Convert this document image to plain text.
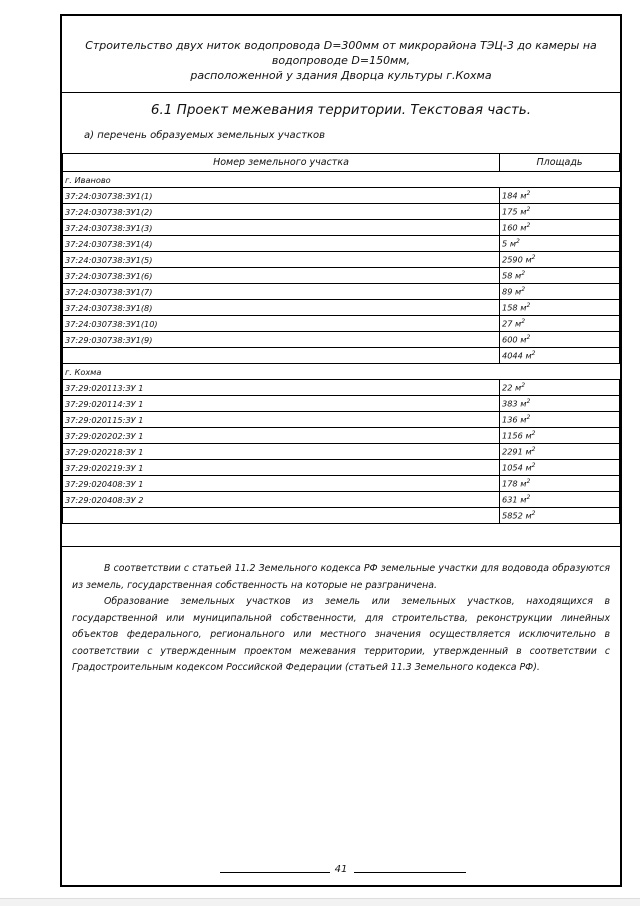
Строительство двух ниток водопровода D=300мм от микрорайона ТЭЦ-3 до камеры на водопроводе D=150мм,
расположенной у здания Дворца культуры г.Кохма
6.1 Проект межевания территории. Текстовая часть.
а) перечень образуемых земельных участков
Номер земельного участка	Площадь
г. Иваново	
37:24:030738:ЗУ1(1)	184 $м^2$
37:24:030738:ЗУ1(2)	175 $м^2$
37:24:030738:ЗУ1(3)	160 $м^2$
37:24:030738:ЗУ1(4)	5 $м^2$
37:24:030738:ЗУ1(5)	2590 $м^2$
37:24:030738:ЗУ1(6)	58 $м^2$
37:24:030738:ЗУ1(7)	89 $м^2$
37:24:030738:ЗУ1(8)	158 $м^2$
37:24:030738:ЗУ1(10)	27 $м^2$
37:29:030738:ЗУ1(9)	600 $м^2$
	4044 $м^2$
г. Кохма	
37:29:020113:ЗУ 1	22 $м^2$
37:29:020114:ЗУ 1	383 $м^2$
37:29:020115:ЗУ 1	136 $м^2$
37:29:020202:ЗУ 1	1156 $м^2$
37:29:020218:ЗУ 1	2291 $м^2$
37:29:020219:ЗУ 1	1054 $м^2$
37:29:020408:ЗУ 1	178 $м^2$
37:29:020408:ЗУ 2	631 $м^2$
	5852 $м^2$
В соответствии с статьей 11.2 Земельного кодекса РФ земельные участки для водовода образуются из земель, государственная собственность на которые не разграничена.
Образование земельных участков из земель или земельных участков, находящихся в государственной или муниципальной собственности, для строительства, реконструкции линейных объектов федерального, регионального или местного значения осуществляется исключительно в соответствии с утвержденным проектом межевания территории, утвержденный в соответствии с Градостроительным кодексом Российской Федерации (статьей 11.3 Земельного кодекса РФ).
41
